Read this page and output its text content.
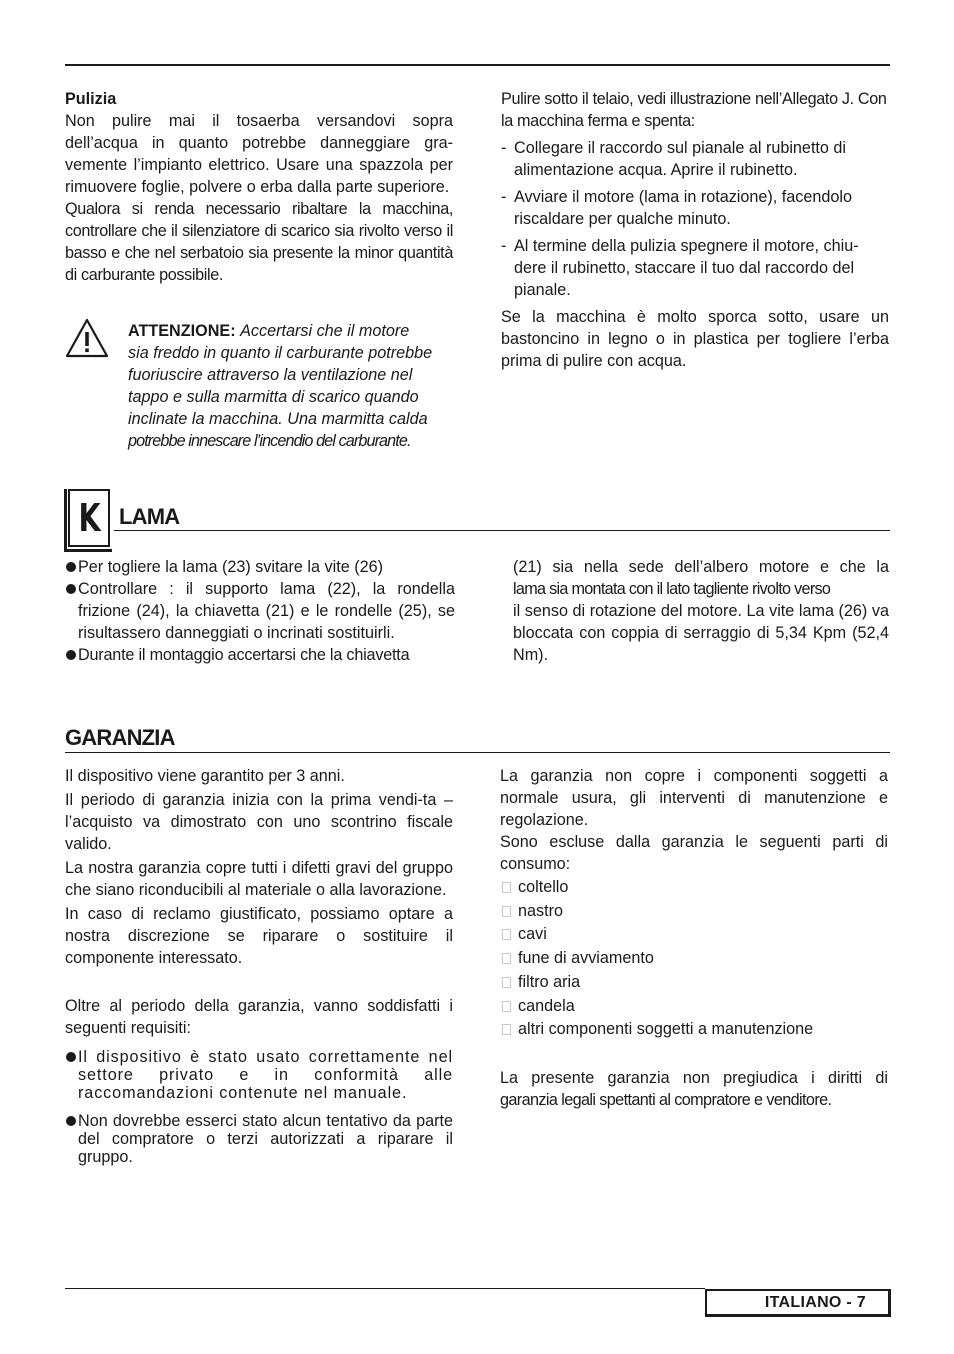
Pulizia

Non pulire mai il tosaerba versandovi sopra dell’acqua in quanto potrebbe danneggiare gra-vemente l’impianto elettrico. Usare una spazzola per rimuovere foglie, polvere o erba dalla parte superiore.

Qualora si renda necessario ribaltare la macchina, controllare che il silenziatore di scarico sia rivolto verso il basso e che nel serbatoio sia presente la minor quantità di carburante possibile.

ATTENZIONE: Accertarsi che il motore
sia freddo in quanto il carburante potrebbe
fuoriuscire attraverso la ventilazione nel
tappo e sulla marmitta di scarico quando
inclinate la macchina. Una marmitta calda
potrebbe innescare l’incendio del carburante.

Pulire sotto il telaio, vedi illustrazione nell’Allegato J. Con la macchina ferma e spenta:

- Collegare il raccordo sul pianale al rubinetto di alimentazione acqua. Aprire il rubinetto.
- Avviare il motore (lama in rotazione), facendolo riscaldare per qualche minuto.
- Al termine della pulizia spegnere il motore, chiu-dere il rubinetto, staccare il tuo dal raccordo del pianale.

Se la macchina è molto sporca sotto, usare un bastoncino in legno o in plastica per togliere l’erba prima di pulire con acqua.

K LAMA
Per togliere la lama (23) svitare la vite (26)
Controllare : il supporto lama (22), la rondella frizione (24), la chiavetta (21) e le rondelle (25), se risultassero danneggiati o incrinati sostituirli.
Durante il montaggio accertarsi che la chiavetta
(21) sia nella sede dell’albero motore e che la
lama sia montata con il lato tagliente rivolto verso

il senso di rotazione del motore. La vite lama (26) va bloccata con coppia di serraggio di 5,34 Kpm (52,4 Nm).

GARANZIA

Il dispositivo viene garantito per 3 anni.

Il periodo di garanzia inizia con la prima vendi-ta – l’acquisto va dimostrato con uno scontrino fiscale valido.

La nostra garanzia copre tutti i difetti gravi del gruppo che siano riconducibili al materiale o alla lavorazione.

In caso di reclamo giustificato, possiamo optare a nostra discrezione se riparare o sostituire il componente interessato.

Oltre al periodo della garanzia, vanno soddisfatti i seguenti requisiti:

Il dispositivo è stato usato correttamente nel settore privato e in conformità alle raccomandazioni contenute nel manuale.
Non dovrebbe esserci stato alcun tentativo da parte del compratore o terzi autorizzati a riparare il gruppo.

La garanzia non copre i componenti soggetti a normale usura, gli interventi di manutenzione e regolazione.

Sono escluse dalla garanzia le seguenti parti di consumo:

coltello
nastro
cavi
fune di avviamento
filtro aria
candela
altri componenti soggetti a manutenzione
La presente garanzia non pregiudica i diritti di
garanzia legali spettanti al compratore e venditore.
ITALIANO - 7
